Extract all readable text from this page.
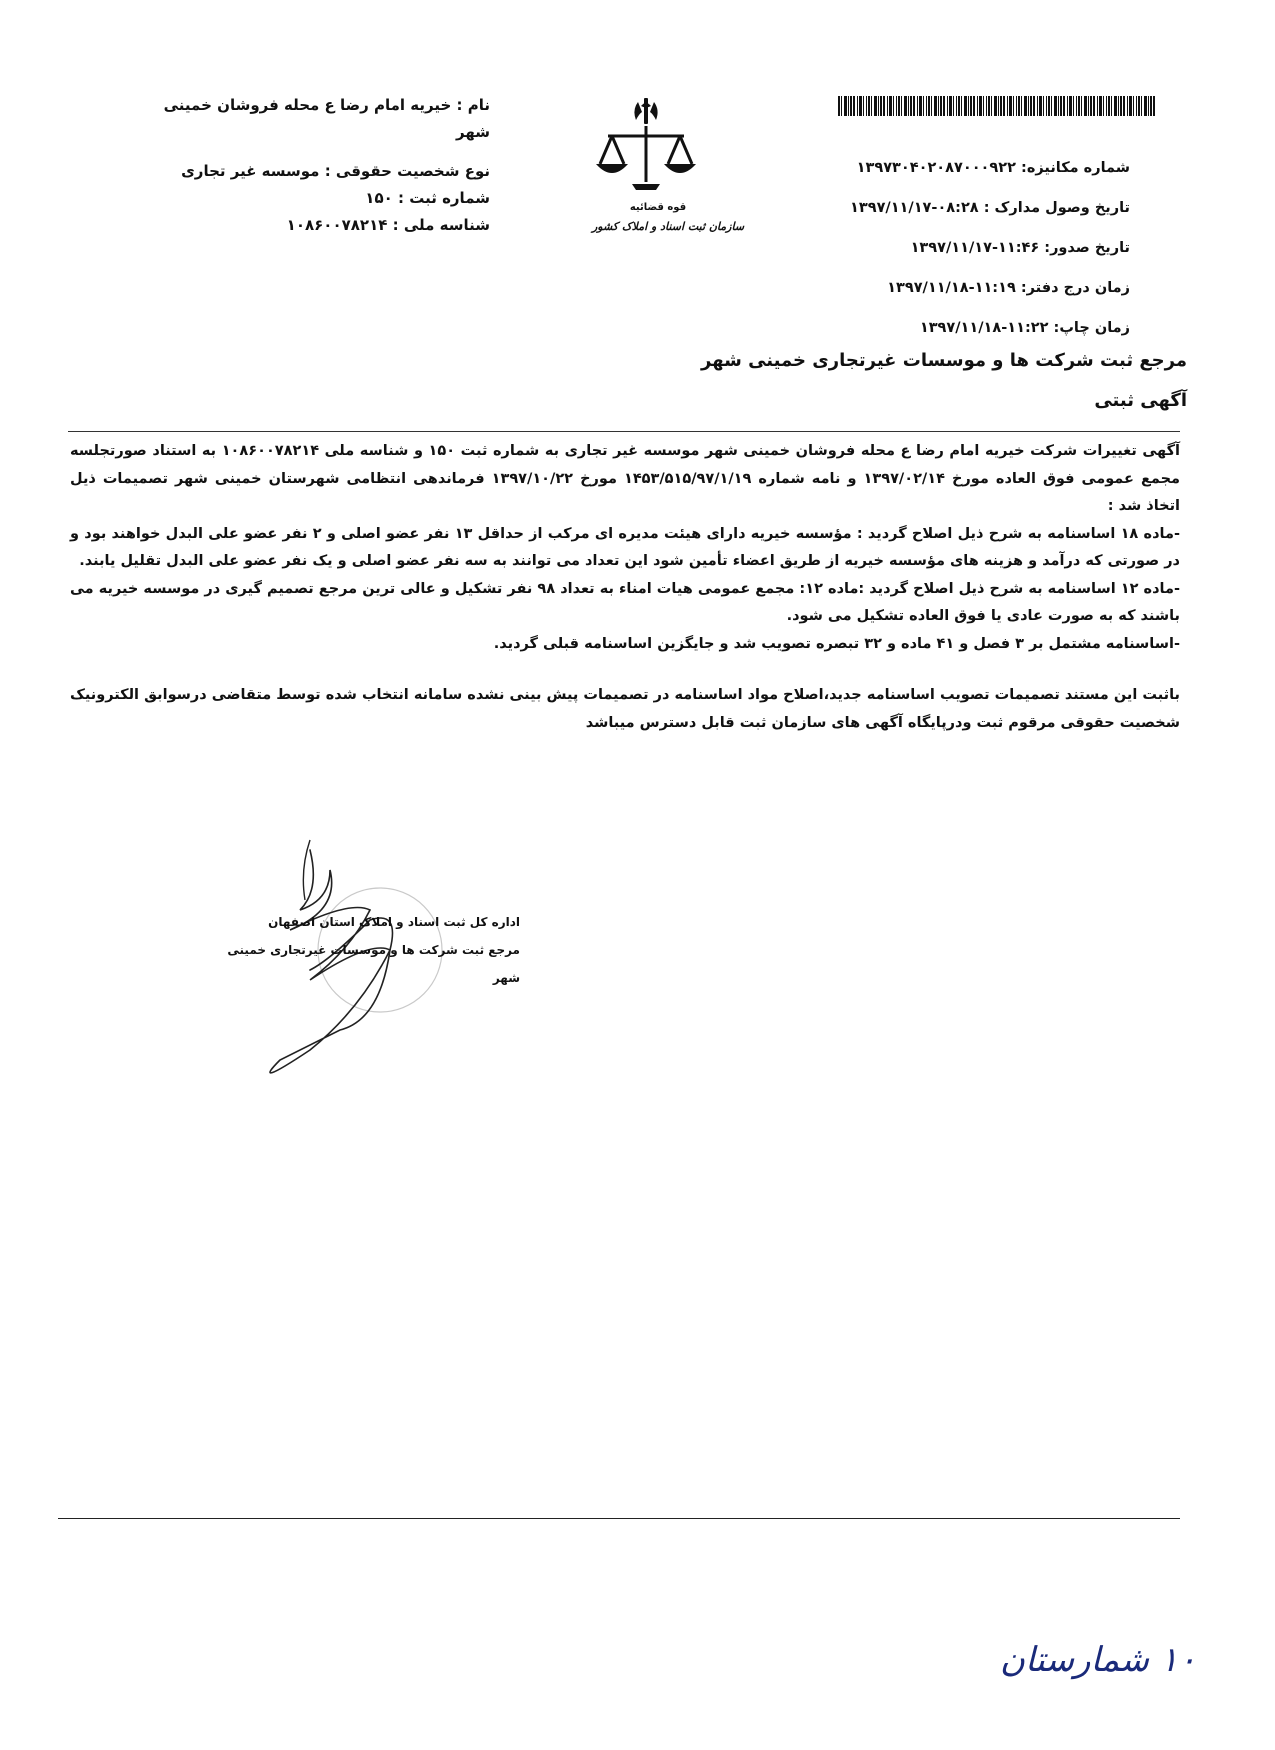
نام : خیریه امام رضا ع محله فروشان خمینی
شهر
نوع شخصیت حقوقی : موسسه غیر تجاری
شماره ثبت : ۱۵۰
شناسه ملی : ۱۰۸۶۰۰۷۸۲۱۴
قوه قضائیه
سازمان ثبت اسناد و املاک کشور
شماره مکانیزه: ۱۳۹۷۳۰۴۰۲۰۸۷۰۰۰۹۲۲
تاریخ وصول مدارک : ۰۸:۲۸-۱۳۹۷/۱۱/۱۷
تاریخ صدور: ۱۱:۴۶-۱۳۹۷/۱۱/۱۷
زمان درج دفتر: ۱۱:۱۹-۱۳۹۷/۱۱/۱۸
زمان چاپ: ۱۱:۲۲-۱۳۹۷/۱۱/۱۸
مرجع ثبت شرکت ها و موسسات غیرتجاری خمینی شهر
آگهی ثبتی

آگهی تغییرات شرکت خیریه امام رضا ع محله فروشان خمینی شهر موسسه غیر تجاری به شماره ثبت ۱۵۰ و شناسه ملی ۱۰۸۶۰۰۷۸۲۱۴ به استناد صورتجلسه مجمع عمومی فوق العاده مورخ ۱۳۹۷/۰۲/۱۴ و نامه شماره ۱۴۵۳/۵۱۵/۹۷/۱/۱۹ مورخ ۱۳۹۷/۱۰/۲۲ فرماندهی انتظامی شهرستان خمینی شهر تصمیمات ذیل اتخاذ شد :

-ماده ۱۸ اساسنامه به شرح ذیل اصلاح گردید : مؤسسه خیریه دارای هیئت مدیره ای مرکب از حداقل ۱۳ نفر عضو اصلی و ۲ نفر عضو علی البدل خواهند بود و در صورتی که درآمد و هزینه های مؤسسه خیریه از طریق اعضاء تأمین شود این تعداد می توانند به سه نفر عضو اصلی و یک نفر عضو علی البدل تقلیل یابند.

-ماده ۱۲ اساسنامه به شرح ذیل اصلاح گردید :ماده ۱۲: مجمع عمومی هیات امناء به تعداد ۹۸ نفر تشکیل و عالی ترین مرجع تصمیم گیری در موسسه خیریه می باشند که به صورت عادی یا فوق العاده تشکیل می شود.

-اساسنامه مشتمل بر ۳ فصل و ۴۱ ماده و ۳۲ تبصره تصویب شد و جایگزین اساسنامه قبلی گردید.

باثبت این مستند تصمیمات تصویب اساسنامه جدید،اصلاح مواد اساسنامه در تصمیمات پیش بینی نشده سامانه انتخاب شده توسط متقاضی درسوابق الکترونیک شخصیت حقوقی مرقوم ثبت ودرپایگاه آگهی های سازمان ثبت قابل دسترس میباشد

اداره کل ثبت اسناد و املاک استان اصفهان
مرجع ثبت شرکت ها و موسسات غیرتجاری خمینی شهر
۱۰ شمارستان
